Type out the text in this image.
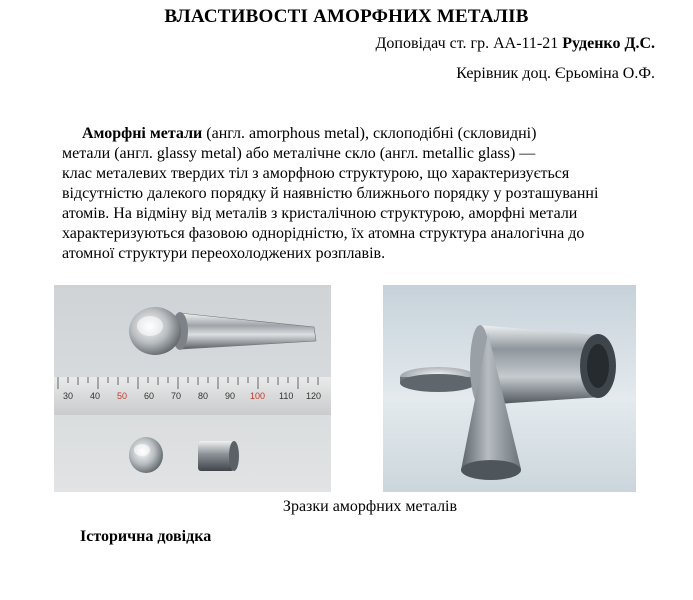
ВЛАСТИВОСТІ АМОРФНИХ МЕТАЛІВ
Доповідач ст. гр. АА-11-21 Руденко Д.С.
Керівник доц. Єрьоміна О.Ф.
Аморфні метали (англ. amorphous metal), склоподібні (скловидні)
метали (англ. glassy metal) або металічне скло (англ. metallic glass) —
клас металевих твердих тіл з аморфною структурою, що характеризується
відсутністю далекого порядку й наявністю ближнього порядку у розташуванні
атомів. На відміну від металів з кристалічною структурою, аморфні метали
характеризуються фазовою однорідністю, їх атомна структура аналогічна до
атомної структури переохолоджених розплавів.
30 40 50 60 70 80 90 100 110 120
Зразки аморфних металів
Історична довідка
